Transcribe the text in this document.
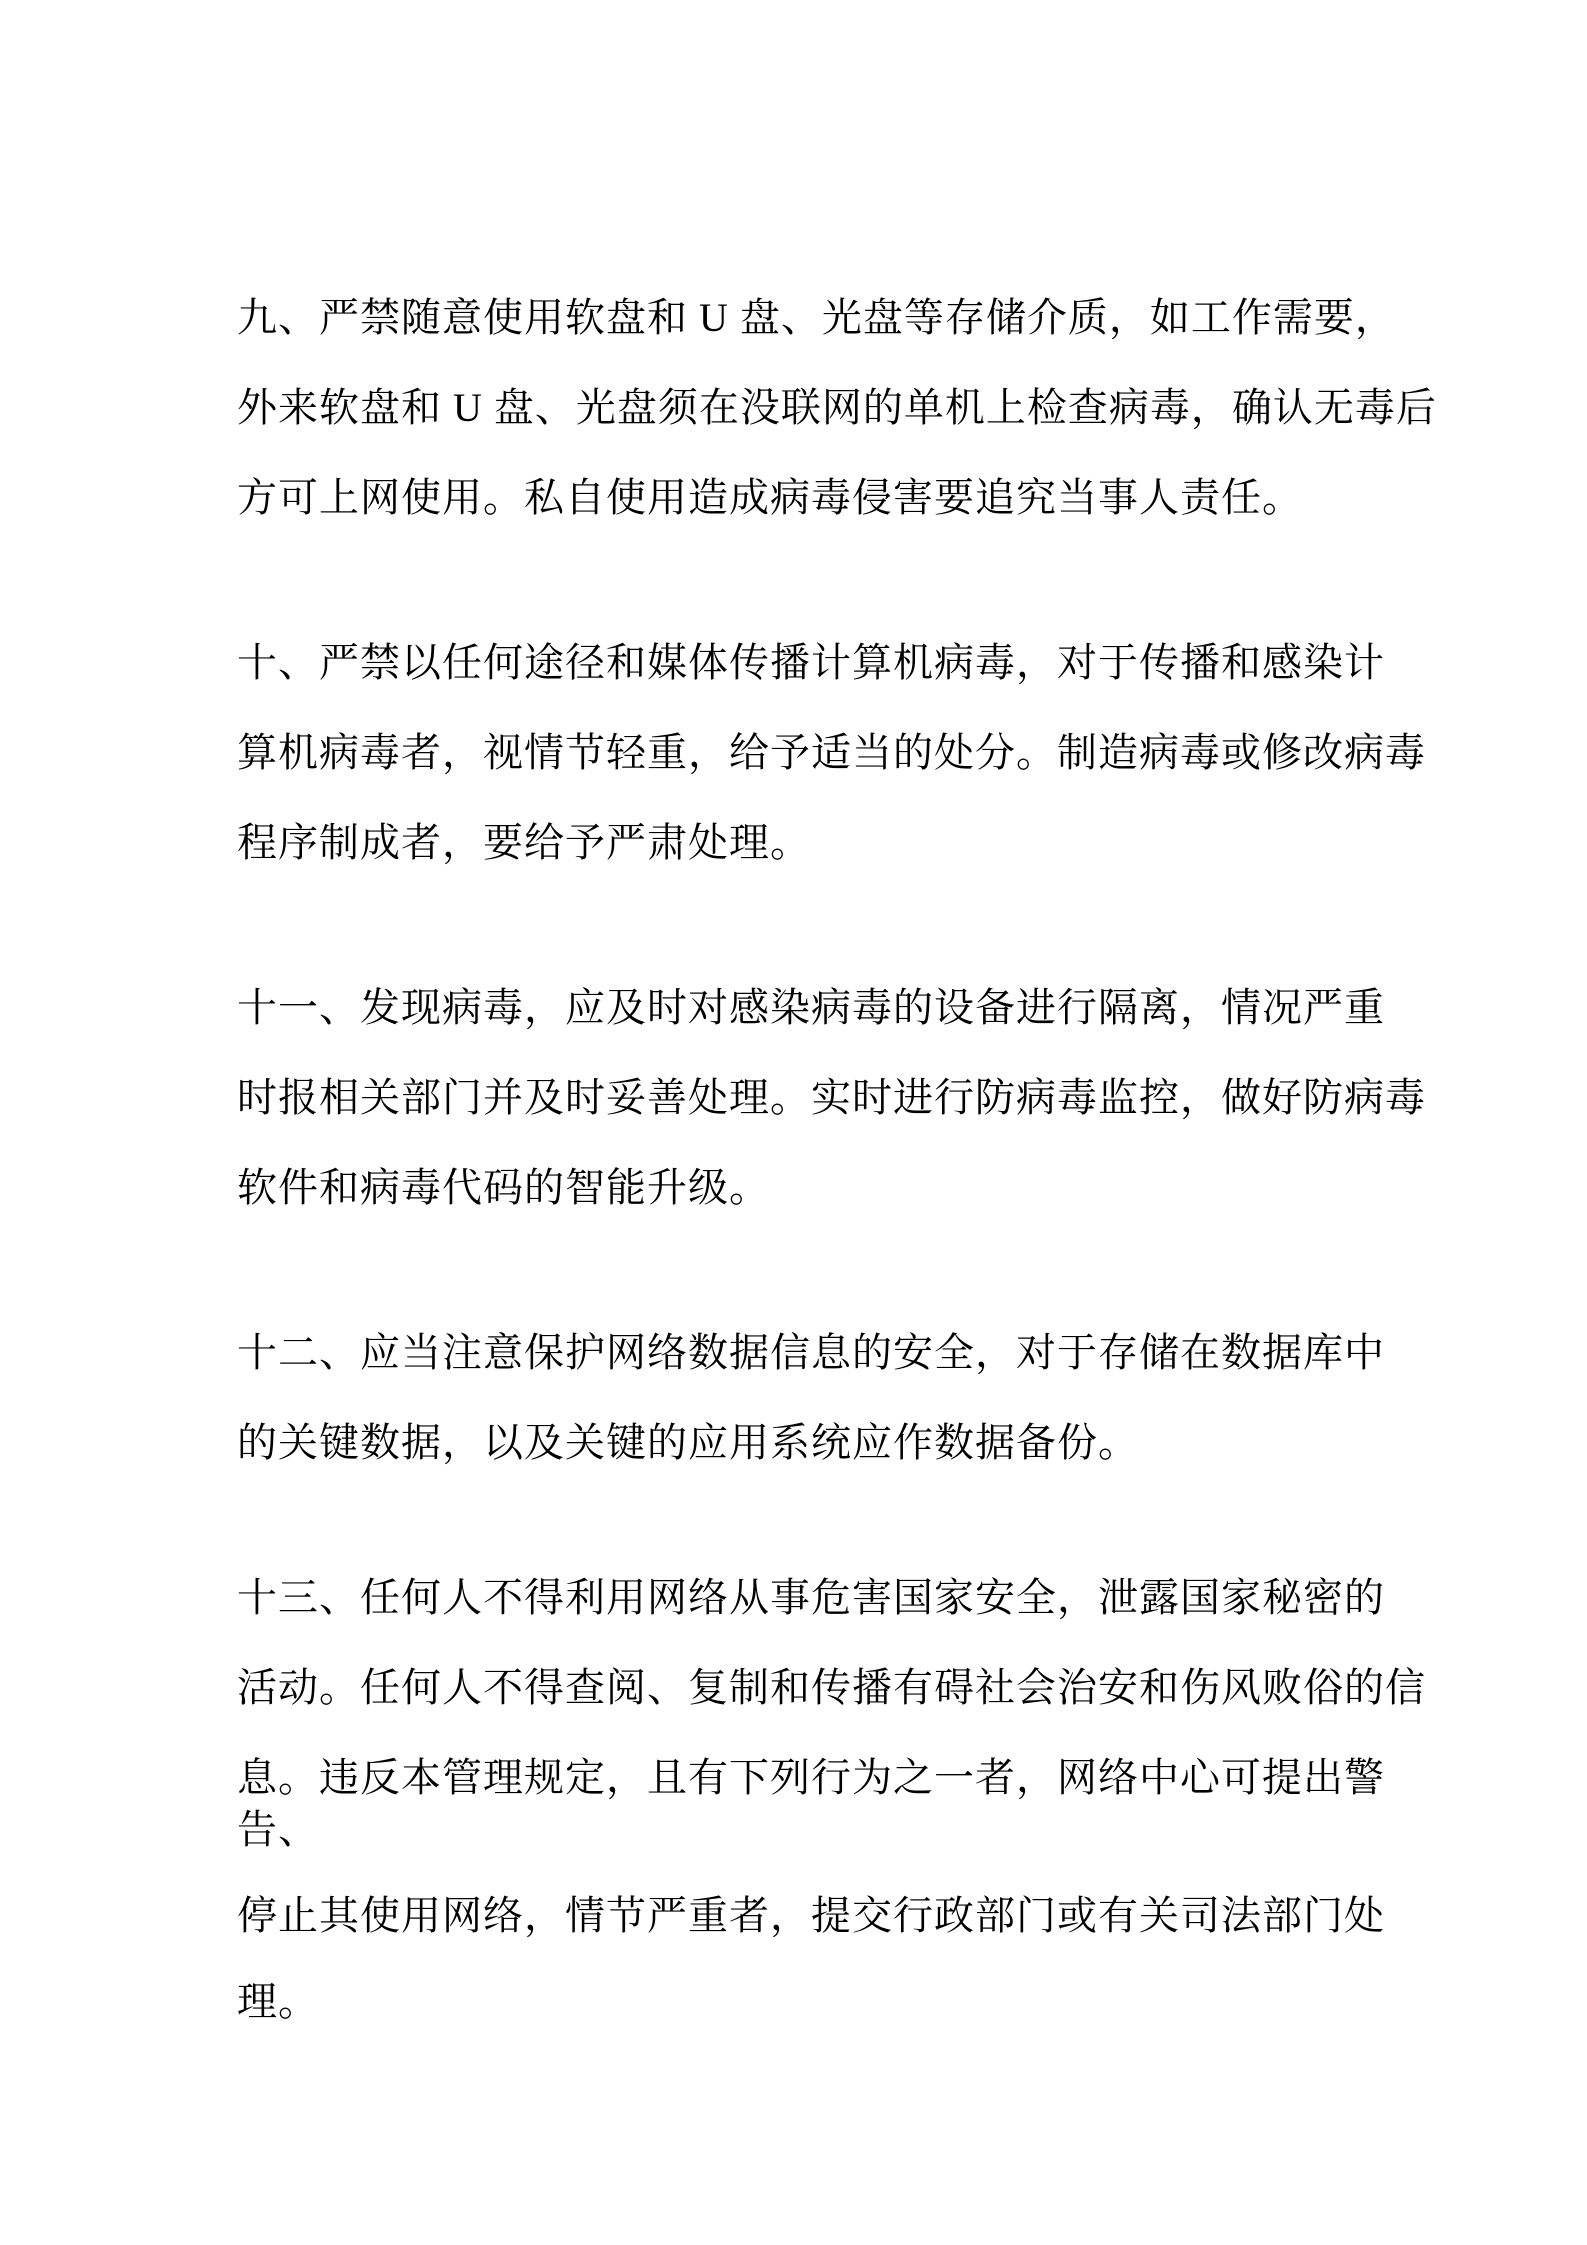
九、严禁随意使用软盘和 U 盘、光盘等存储介质，如工作需要，
外来软盘和 U 盘、光盘须在没联网的单机上检查病毒，确认无毒后
方可上网使用。私自使用造成病毒侵害要追究当事人责任。
十、严禁以任何途径和媒体传播计算机病毒，对于传播和感染计
算机病毒者，视情节轻重，给予适当的处分。制造病毒或修改病毒
程序制成者，要给予严肃处理。
十一、发现病毒，应及时对感染病毒的设备进行隔离，情况严重
时报相关部门并及时妥善处理。实时进行防病毒监控，做好防病毒
软件和病毒代码的智能升级。
十二、应当注意保护网络数据信息的安全，对于存储在数据库中
的关键数据，以及关键的应用系统应作数据备份。
十三、任何人不得利用网络从事危害国家安全，泄露国家秘密的
活动。任何人不得查阅、复制和传播有碍社会治安和伤风败俗的信
息。违反本管理规定，且有下列行为之一者，网络中心可提出警
告、
停止其使用网络，情节严重者，提交行政部门或有关司法部门处
理。
